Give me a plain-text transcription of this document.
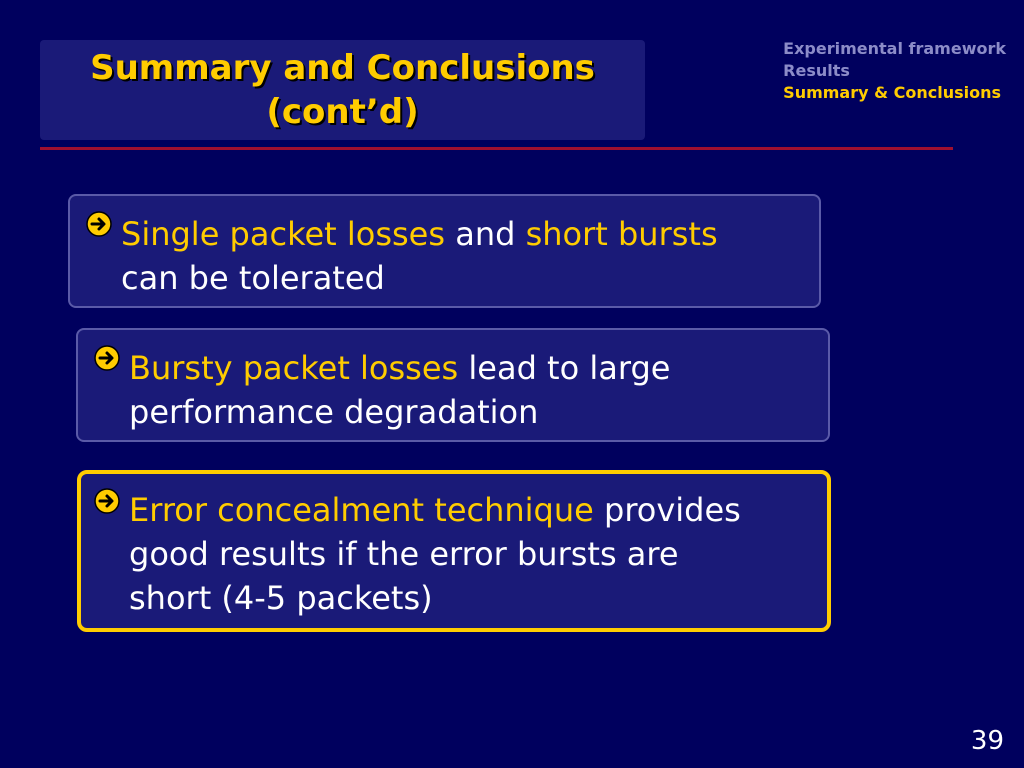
Summary and Conclusions
(cont’d)
Experimental framework
Results
Summary & Conclusions
Single packet losses and short bursts can be tolerated
Bursty packet losses lead to large performance degradation
Error concealment technique provides good results if the error bursts are short (4-5 packets)
39
